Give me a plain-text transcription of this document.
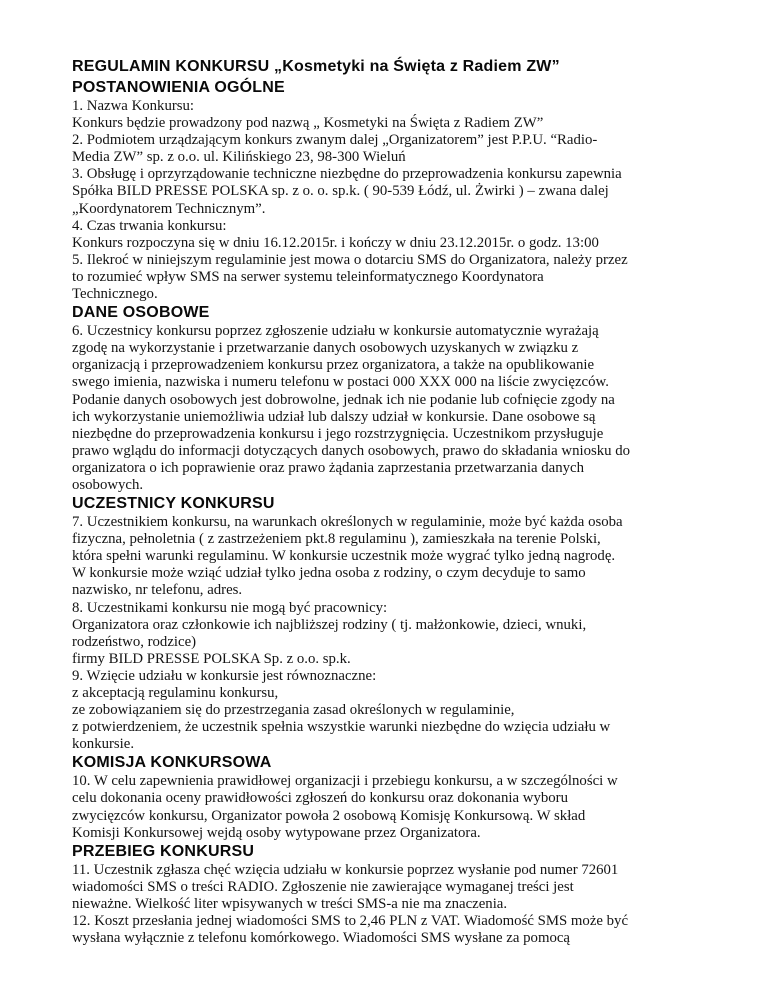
REGULAMIN KONKURSU „Kosmetyki na Święta z Radiem ZW”
POSTANOWIENIA OGÓLNE
1. Nazwa Konkursu:
Konkurs będzie prowadzony pod nazwą „ Kosmetyki na Święta z Radiem ZW”
2. Podmiotem urządzającym konkurs zwanym dalej „Organizatorem” jest P.P.U. “Radio-
Media ZW” sp. z o.o. ul. Kilińskiego 23, 98-300 Wieluń
3. Obsługę i oprzyrządowanie techniczne niezbędne do przeprowadzenia konkursu zapewnia
Spółka BILD PRESSE POLSKA sp. z o. o. sp.k. ( 90-539 Łódź, ul. Żwirki ) – zwana dalej
„Koordynatorem Technicznym”.
4. Czas trwania konkursu:
Konkurs rozpoczyna się w dniu 16.12.2015r. i kończy w dniu 23.12.2015r. o godz. 13:00
5. Ilekroć w niniejszym regulaminie jest mowa o dotarciu SMS do Organizatora, należy przez
to rozumieć wpływ SMS na serwer systemu teleinformatycznego Koordynatora
Technicznego.
DANE OSOBOWE
6. Uczestnicy konkursu poprzez zgłoszenie udziału w konkursie automatycznie wyrażają
zgodę na wykorzystanie i przetwarzanie danych osobowych uzyskanych w związku z
organizacją i przeprowadzeniem konkursu przez organizatora, a także na opublikowanie
swego imienia, nazwiska i numeru telefonu w postaci 000 XXX 000 na liście zwycięzców.
Podanie danych osobowych jest dobrowolne, jednak ich nie podanie lub cofnięcie zgody na
ich wykorzystanie uniemożliwia udział lub dalszy udział w konkursie. Dane osobowe są
niezbędne do przeprowadzenia konkursu i jego rozstrzygnięcia. Uczestnikom przysługuje
prawo wglądu do informacji dotyczących danych osobowych, prawo do składania wniosku do
organizatora o ich poprawienie oraz prawo żądania zaprzestania przetwarzania danych
osobowych.
UCZESTNICY KONKURSU
7. Uczestnikiem konkursu, na warunkach określonych w regulaminie, może być każda osoba
fizyczna, pełnoletnia ( z zastrzeżeniem pkt.8 regulaminu ), zamieszkała na terenie Polski,
która spełni warunki regulaminu. W konkursie uczestnik może wygrać tylko jedną nagrodę.
W konkursie może wziąć udział tylko jedna osoba z rodziny, o czym decyduje to samo
nazwisko, nr telefonu, adres.
8. Uczestnikami konkursu nie mogą być pracownicy:
Organizatora oraz członkowie ich najbliższej rodziny ( tj. małżonkowie, dzieci, wnuki,
rodzeństwo, rodzice)
firmy BILD PRESSE POLSKA Sp. z o.o. sp.k.
9. Wzięcie udziału w konkursie jest równoznaczne:
z akceptacją regulaminu konkursu,
ze zobowiązaniem się do przestrzegania zasad określonych w regulaminie,
z potwierdzeniem, że uczestnik spełnia wszystkie warunki niezbędne do wzięcia udziału w
konkursie.
KOMISJA KONKURSOWA
10. W celu zapewnienia prawidłowej organizacji i przebiegu konkursu, a w szczególności w
celu dokonania oceny prawidłowości zgłoszeń do konkursu oraz dokonania wyboru
zwycięzców konkursu, Organizator powoła 2 osobową Komisję Konkursową. W skład
Komisji Konkursowej wejdą osoby wytypowane przez Organizatora.
PRZEBIEG KONKURSU
11. Uczestnik zgłasza chęć wzięcia udziału w konkursie poprzez wysłanie pod numer 72601
wiadomości SMS o treści RADIO. Zgłoszenie nie zawierające wymaganej treści jest
nieważne. Wielkość liter wpisywanych w treści SMS-a nie ma znaczenia.
12. Koszt przesłania jednej wiadomości SMS to 2,46 PLN z VAT. Wiadomość SMS może być
wysłana wyłącznie z telefonu komórkowego. Wiadomości SMS wysłane za pomocą
